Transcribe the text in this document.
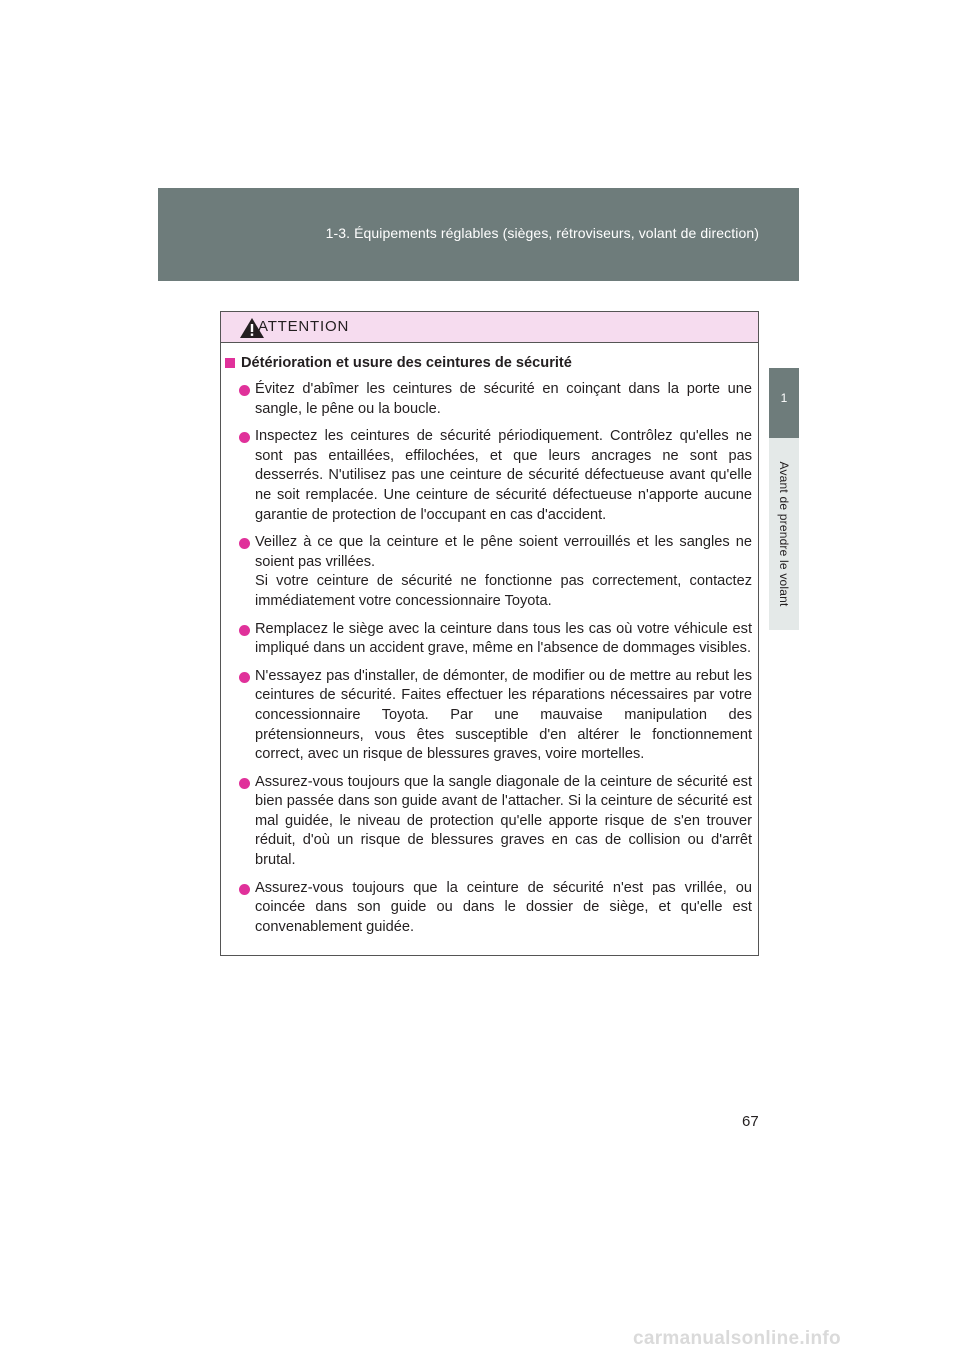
1-3. Équipements réglables (sièges, rétroviseurs, volant de direction)
1
Avant de prendre le volant
ATTENTION
Détérioration et usure des ceintures de sécurité
Évitez d'abîmer les ceintures de sécurité en coinçant dans la porte une sangle, le pêne ou la boucle.
Inspectez les ceintures de sécurité périodiquement. Contrôlez qu'elles ne sont pas entaillées, effilochées, et que leurs ancrages ne sont pas desserrés. N'utilisez pas une ceinture de sécurité défectueuse avant qu'elle ne soit remplacée. Une ceinture de sécurité défectueuse n'apporte aucune garantie de protection de l'occupant en cas d'accident.
Veillez à ce que la ceinture et le pêne soient verrouillés et les sangles ne soient pas vrillées.
Si votre ceinture de sécurité ne fonctionne pas correctement, contactez immédiatement votre concessionnaire Toyota.
Remplacez le siège avec la ceinture dans tous les cas où votre véhicule est impliqué dans un accident grave, même en l'absence de dommages visibles.
N'essayez pas d'installer, de démonter, de modifier ou de mettre au rebut les ceintures de sécurité. Faites effectuer les réparations nécessaires par votre concessionnaire Toyota. Par une mauvaise manipulation des prétensionneurs, vous êtes susceptible d'en altérer le fonctionnement correct, avec un risque de blessures graves, voire mortelles.
Assurez-vous toujours que la sangle diagonale de la ceinture de sécurité est bien passée dans son guide avant de l'attacher. Si la ceinture de sécurité est mal guidée, le niveau de protection qu'elle apporte risque de s'en trouver réduit, d'où un risque de blessures graves en cas de collision ou d'arrêt brutal.
Assurez-vous toujours que la ceinture de sécurité n'est pas vrillée, ou coincée dans son guide ou dans le dossier de siège, et qu'elle est convenablement guidée.
67
carmanualsonline.info
